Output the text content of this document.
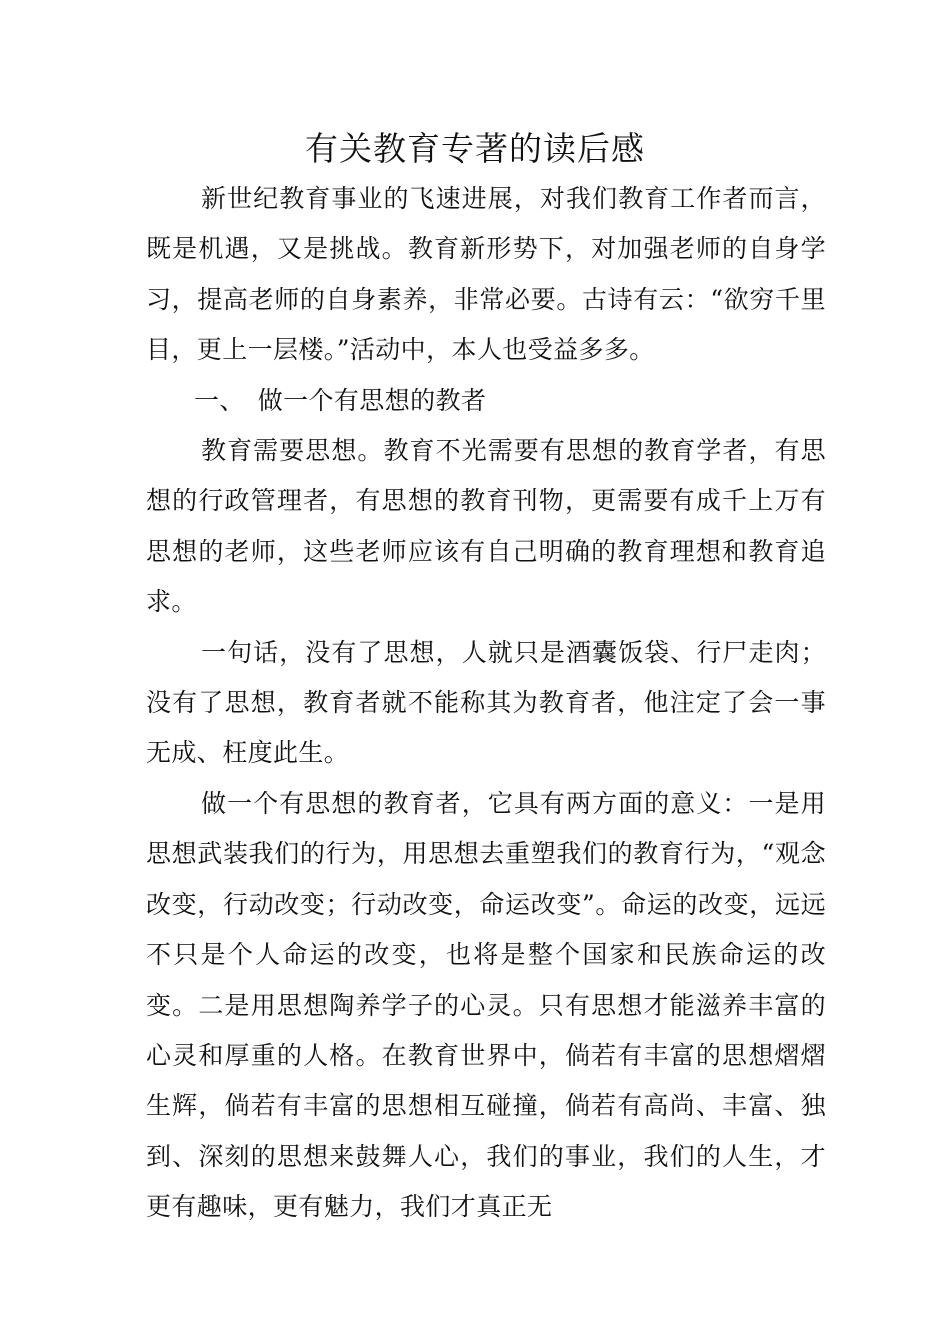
有关教育专著的读后感

新世纪教育事业的飞速进展，对我们教育工作者而言，既是机遇，又是挑战。教育新形势下，对加强老师的自身学习，提高老师的自身素养，非常必要。古诗有云：“欲穷千里目，更上一层楼。”活动中，本人也受益多多。

一、　做一个有思想的教者

教育需要思想。教育不光需要有思想的教育学者，有思想的行政管理者，有思想的教育刊物，更需要有成千上万有思想的老师，这些老师应该有自己明确的教育理想和教育追求。

一句话，没有了思想，人就只是酒囊饭袋、行尸走肉；没有了思想，教育者就不能称其为教育者，他注定了会一事无成、枉度此生。

做一个有思想的教育者，它具有两方面的意义：一是用思想武装我们的行为，用思想去重塑我们的教育行为，“观念改变，行动改变；行动改变，命运改变”。命运的改变，远远不只是个人命运的改变，也将是整个国家和民族命运的改变。二是用思想陶养学子的心灵。只有思想才能滋养丰富的心灵和厚重的人格。在教育世界中，倘若有丰富的思想熠熠生辉，倘若有丰富的思想相互碰撞，倘若有高尚、丰富、独到、深刻的思想来鼓舞人心，我们的事业，我们的人生，才更有趣味，更有魅力，我们才真正无
